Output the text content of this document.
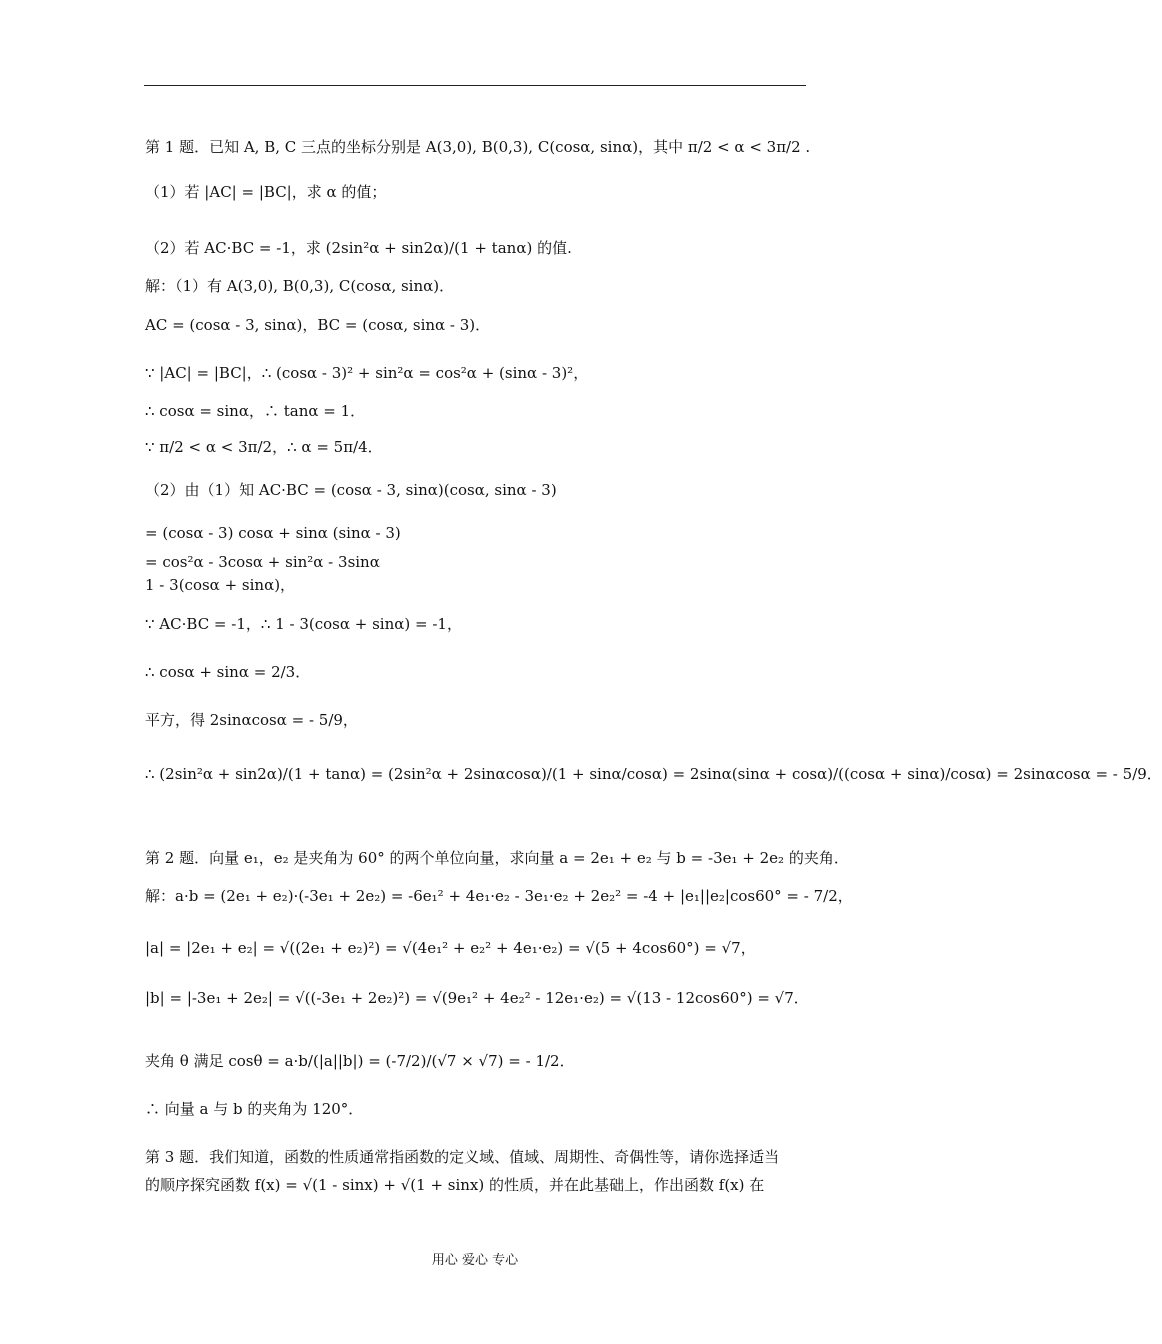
第 1 题．已知 A, B, C 三点的坐标分别是 A(3,0), B(0,3), C(cosα, sinα)，其中 π/2 < α < 3π/2 .
（1）若 |AC| = |BC|，求 α 的值；
（2）若 AC·BC = -1，求 (2sin²α + sin2α)/(1 + tanα) 的值.
解：（1）有 A(3,0), B(0,3), C(cosα, sinα)．
AC = (cosα - 3, sinα)，BC = (cosα, sinα - 3)．
∵ |AC| = |BC|，∴ (cosα - 3)² + sin²α = cos²α + (sinα - 3)²，
∴ cosα = sinα，∴ tanα = 1．
∵ π/2 < α < 3π/2，∴ α = 5π/4．
（2）由（1）知 AC·BC = (cosα - 3, sinα)(cosα, sinα - 3)
= (cosα - 3) cosα + sinα (sinα - 3)
= cos²α - 3cosα + sin²α - 3sinα
1 - 3(cosα + sinα)，
∵ AC·BC = -1，∴ 1 - 3(cosα + sinα) = -1，
∴ cosα + sinα = 2/3．
平方，得 2sinαcosα = - 5/9，
∴ (2sin²α + sin2α)/(1 + tanα) = (2sin²α + 2sinαcosα)/(1 + sinα/cosα) = 2sinα(sinα + cosα)/((cosα + sinα)/cosα) = 2sinαcosα = - 5/9．
第 2 题．向量 e₁，e₂ 是夹角为 60° 的两个单位向量，求向量 a = 2e₁ + e₂ 与 b = -3e₁ + 2e₂ 的夹角．
解：a·b = (2e₁ + e₂)·(-3e₁ + 2e₂) = -6e₁² + 4e₁·e₂ - 3e₁·e₂ + 2e₂² = -4 + |e₁||e₂|cos60° = - 7/2，
|a| = |2e₁ + e₂| = √((2e₁ + e₂)²) = √(4e₁² + e₂² + 4e₁·e₂) = √(5 + 4cos60°) = √7，
|b| = |-3e₁ + 2e₂| = √((-3e₁ + 2e₂)²) = √(9e₁² + 4e₂² - 12e₁·e₂) = √(13 - 12cos60°) = √7．
夹角 θ 满足 cosθ = a·b/(|a||b|) = (-7/2)/(√7 × √7) = - 1/2．
∴ 向量 a 与 b 的夹角为 120°．
第 3 题．我们知道，函数的性质通常指函数的定义域、值域、周期性、奇偶性等，请你选择适当
的顺序探究函数 f(x) = √(1 - sinx) + √(1 + sinx) 的性质，并在此基础上，作出函数 f(x) 在
用心 爱心 专心
